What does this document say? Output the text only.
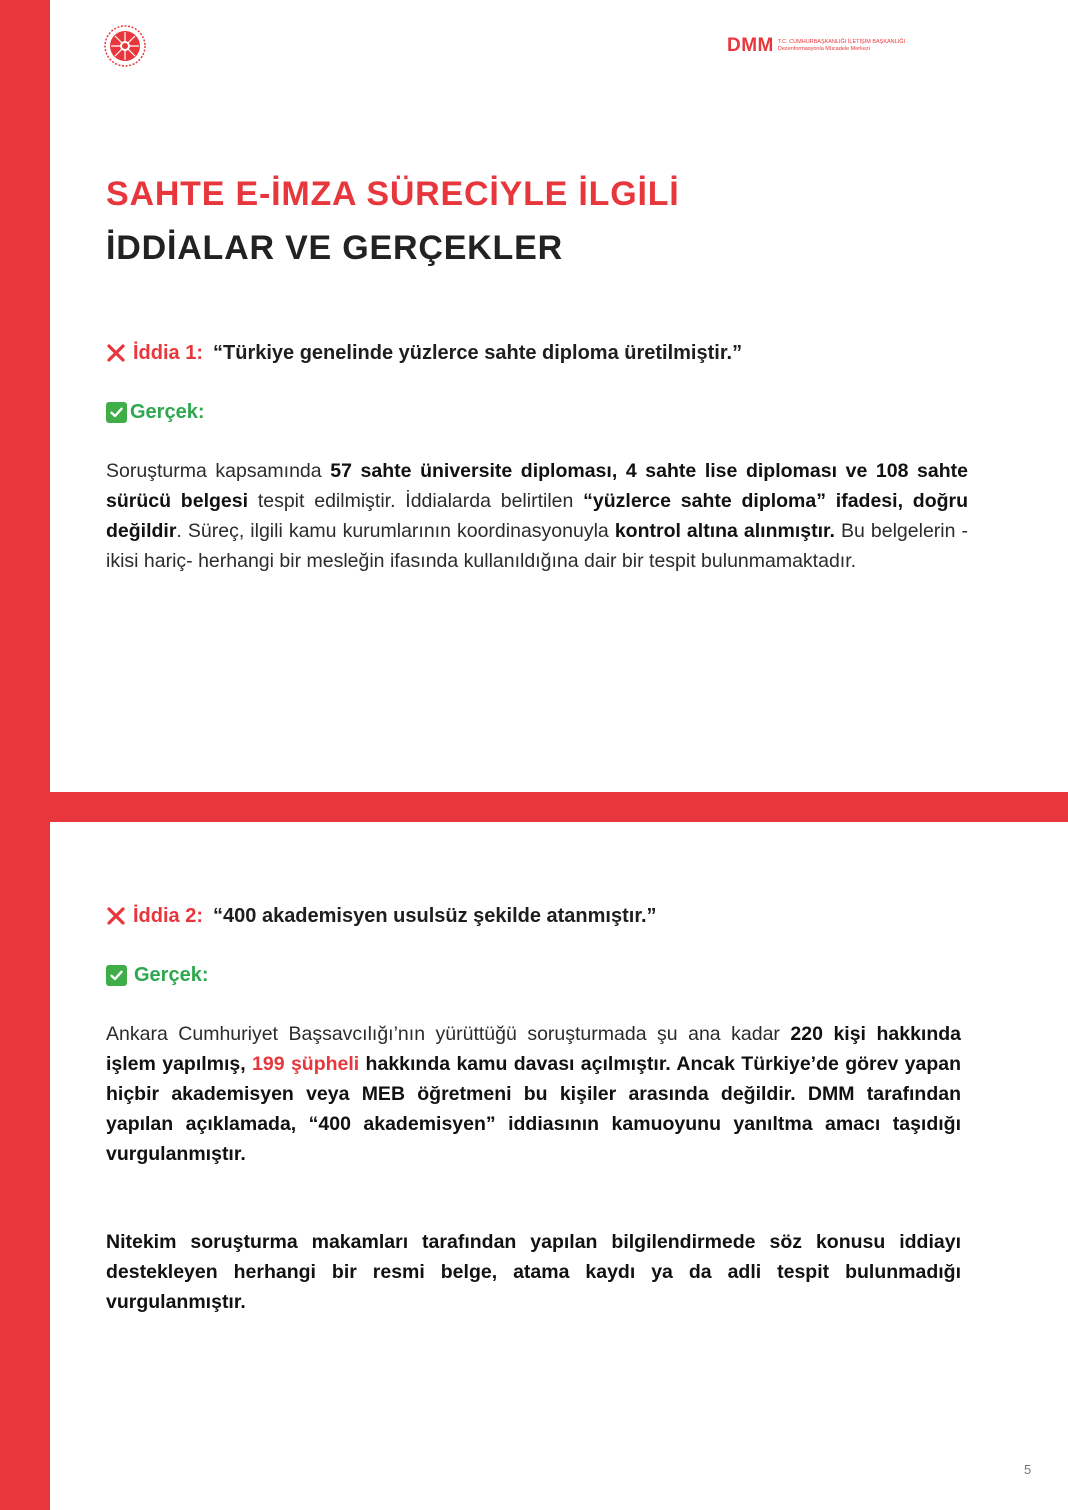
DMM T.C. CUMHURBAŞKANLIĞI İLETİŞİM BAŞKANLIĞI
Dezenformasyonla Mücadele Merkezi
SAHTE E-İMZA SÜRECİYLE İLGİLİ
İDDİALAR VE GERÇEKLER
İddia 1: “Türkiye genelinde yüzlerce sahte diploma üretilmiştir.”
Gerçek:
Soruşturma kapsamında 57 sahte üniversite diploması, 4 sahte lise diploması ve 108 sahte sürücü belgesi tespit edilmiştir. İddialarda belirtilen “yüzlerce sahte diploma” ifadesi, doğru değildir. Süreç, ilgili kamu kurumlarının koordinasyonuyla kontrol altına alınmıştır. Bu belgelerin -ikisi hariç- herhangi bir mesleğin ifasında kullanıldığına dair bir tespit bulunmamaktadır.
İddia 2: “400 akademisyen usulsüz şekilde atanmıştır.”
Gerçek:
Ankara Cumhuriyet Başsavcılığı’nın yürüttüğü soruşturmada şu ana kadar 220 kişi hakkında işlem yapılmış, 199 şüpheli hakkında kamu davası açılmıştır. Ancak Türkiye’de görev yapan hiçbir akademisyen veya MEB öğretmeni bu kişiler arasında değildir. DMM tarafından yapılan açıklamada, “400 akademisyen” iddiasının kamuoyunu yanıltma amacı taşıdığı vurgulanmıştır.
Nitekim soruşturma makamları tarafından yapılan bilgilendirmede söz konusu iddiayı destekleyen herhangi bir resmi belge, atama kaydı ya da adli tespit bulunmadığı vurgulanmıştır.
5
